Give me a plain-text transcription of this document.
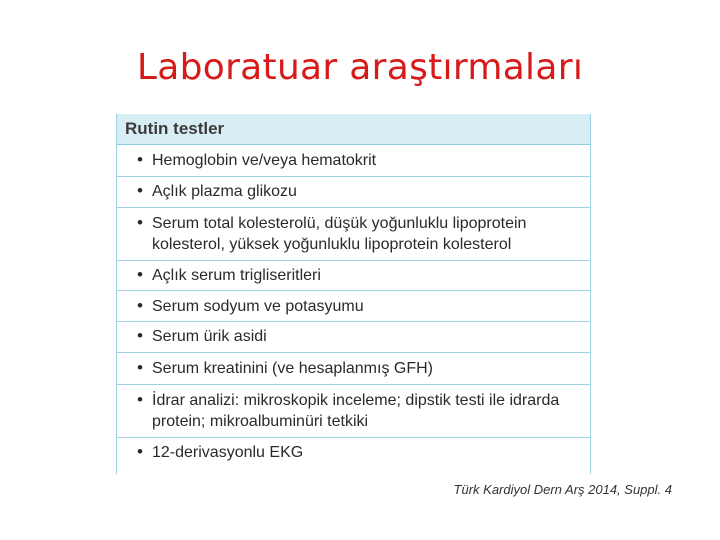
Laboratuar araştırmaları
Rutin testler
• Hemoglobin ve/veya hematokrit
• Açlık plazma glikozu
• Serum total kolesterolü, düşük yoğunluklu lipoprotein kolesterol, yüksek yoğunluklu lipoprotein kolesterol
• Açlık serum trigliseritleri
• Serum sodyum ve potasyumu
• Serum ürik asidi
• Serum kreatinini (ve hesaplanmış GFH)
• İdrar analizi: mikroskopik inceleme; dipstik testi ile idrarda protein; mikroalbuminüri tetkiki
• 12-derivasyonlu EKG
Türk Kardiyol Dern Arş 2014, Suppl. 4
